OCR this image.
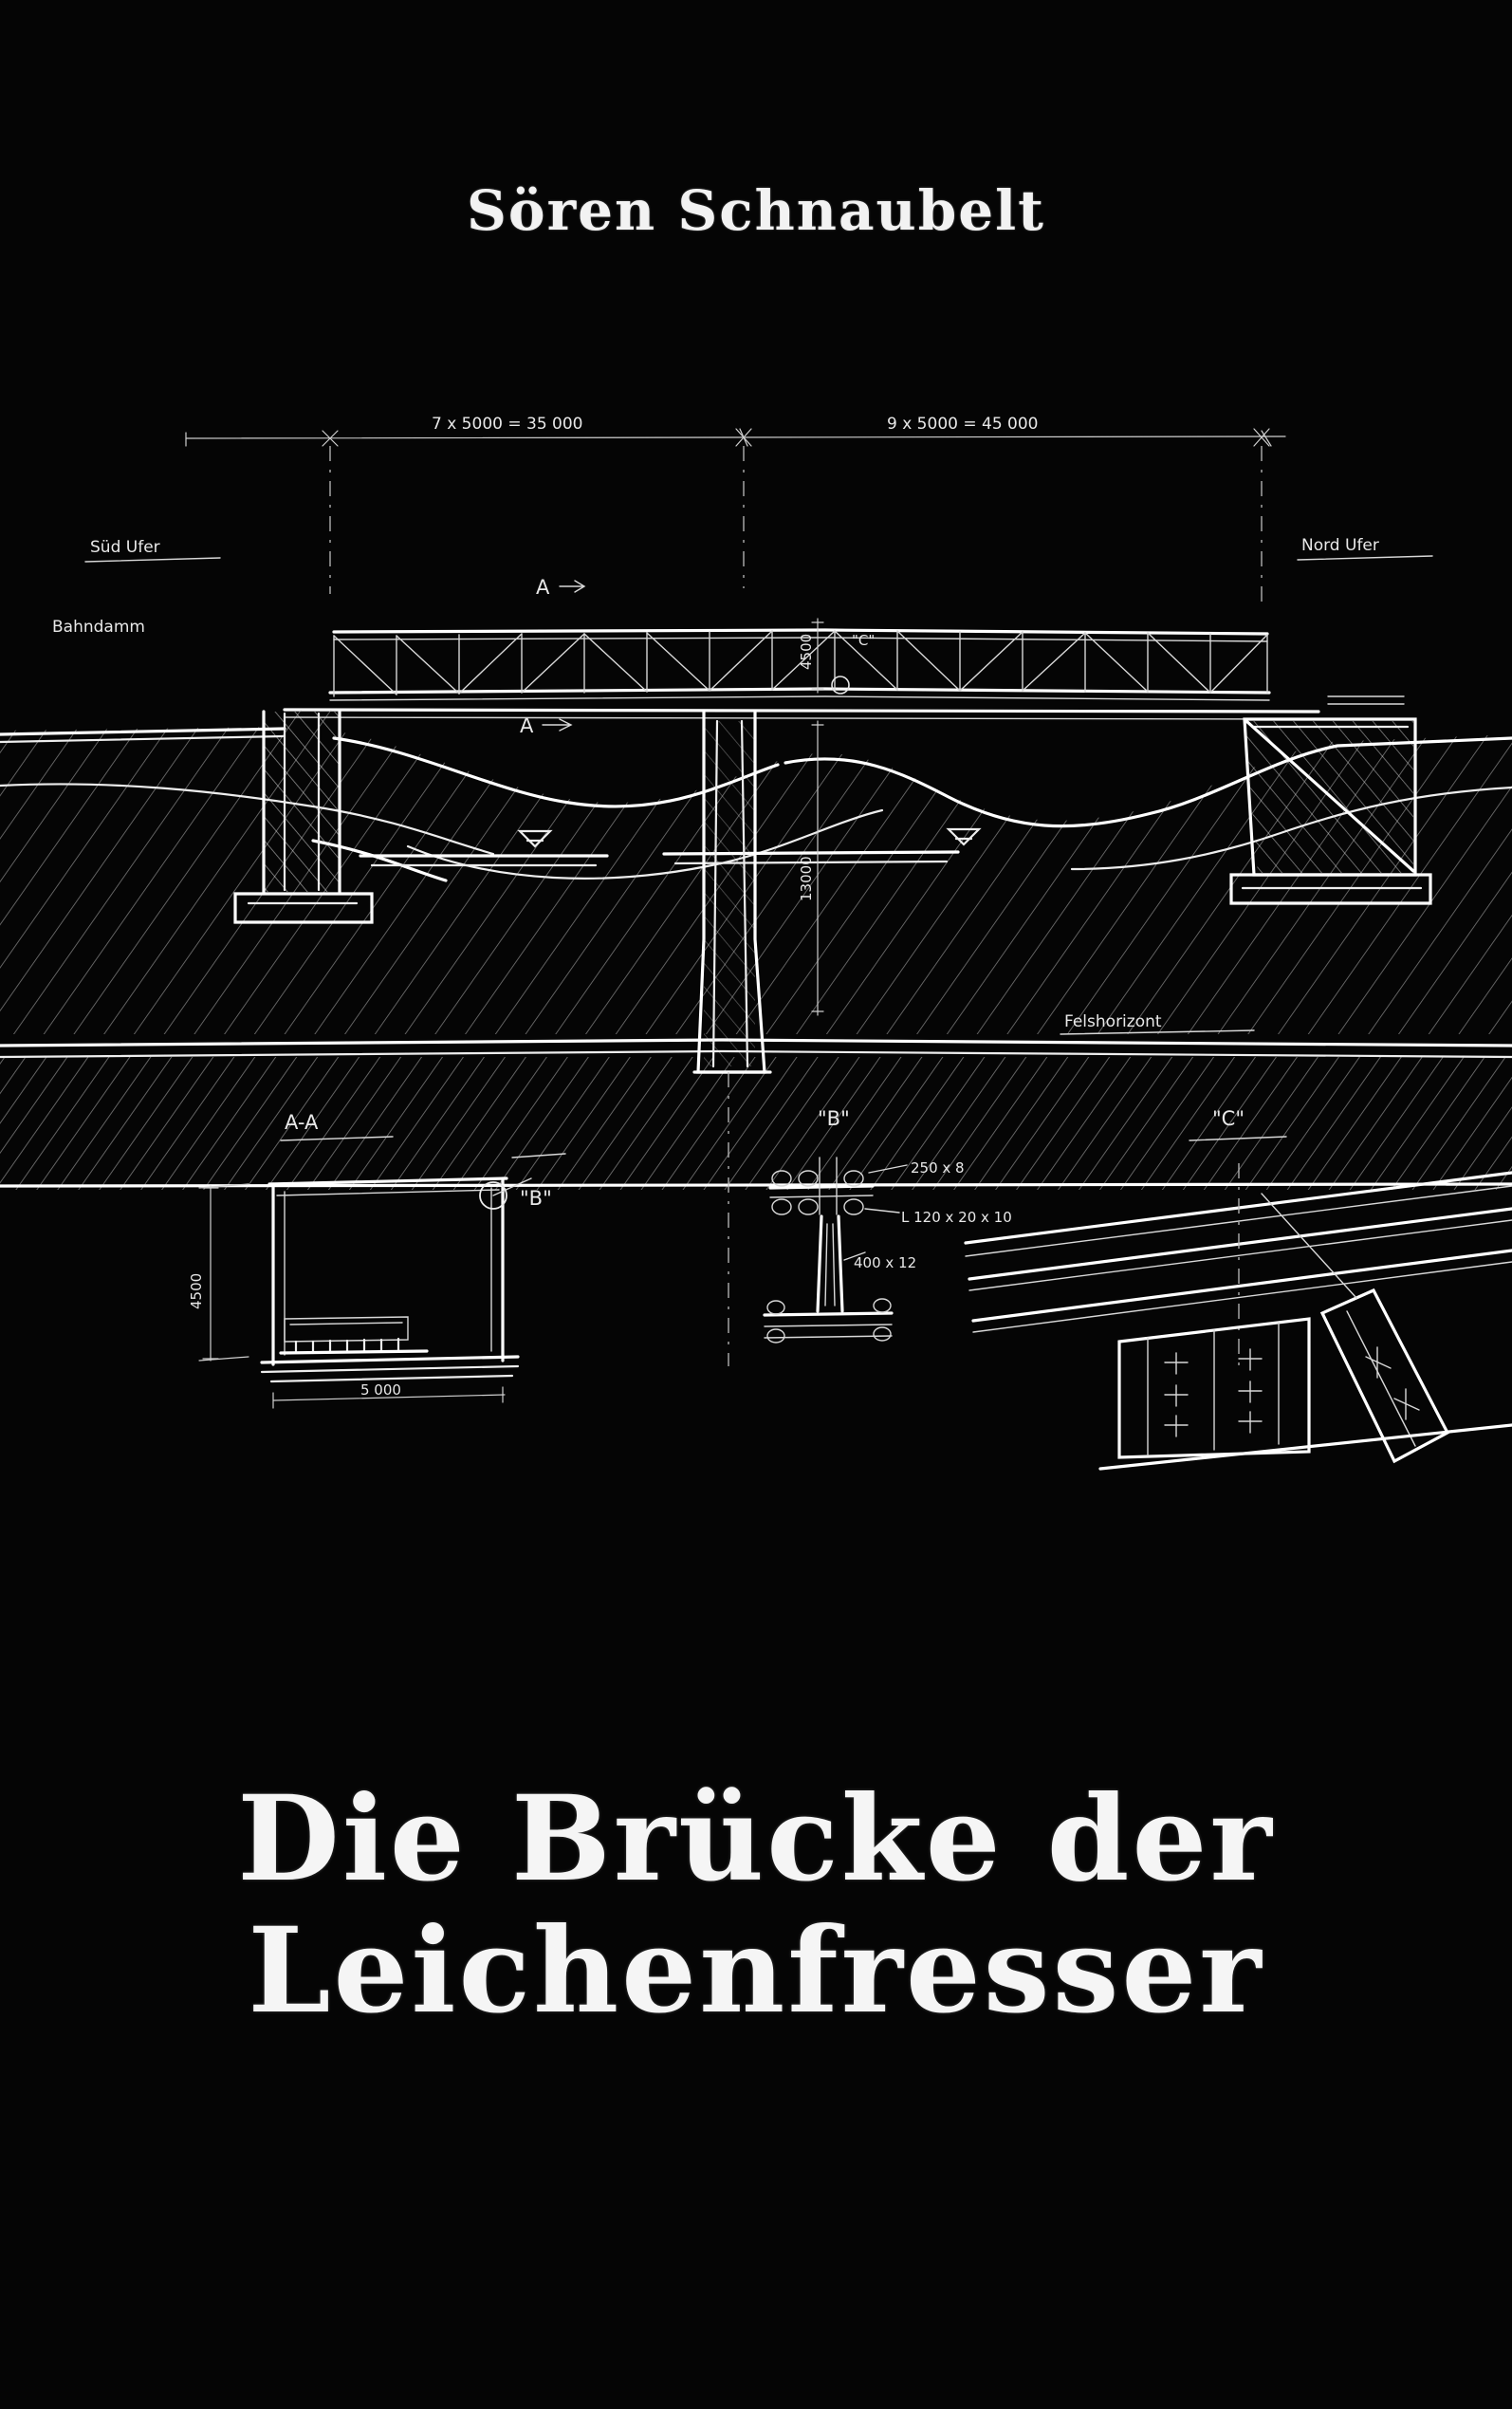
Sören Schnaubelt
7 x 5000 = 35 000	9 x 5000 = 45 000
Süd Ufer	Nord Ufer
A
A
4500	"C"
Felshorizont
Bahndamm
13000
A-A
4500
5 000
"B"
"B"
250 x 8
L 120 x 20 x 10
400 x 12
"C"
Die Brücke der
Leichenfresser
